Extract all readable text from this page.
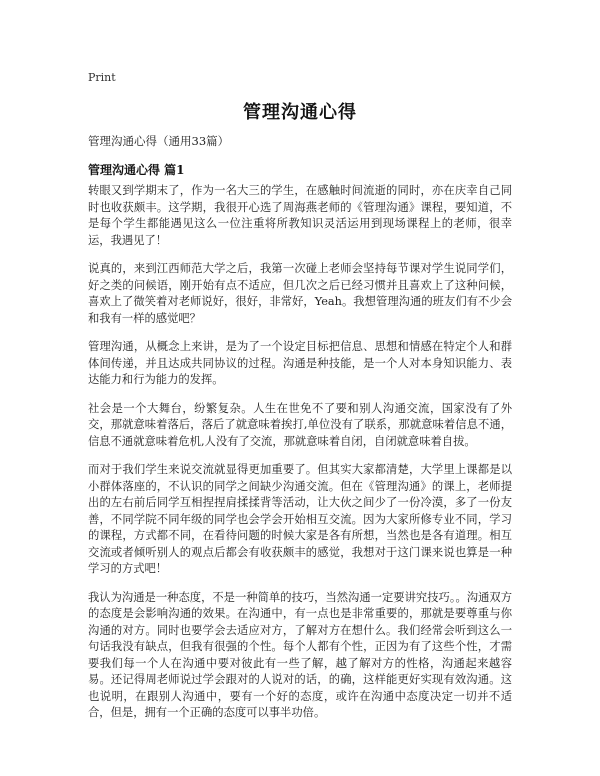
Print
管理沟通心得
管理沟通心得（通用33篇）
管理沟通心得 篇1

转眼又到学期末了，作为一名大三的学生，在感触时间流逝的同时，亦在庆幸自己同时也收获颇丰。这学期，我很开心选了周海燕老师的《管理沟通》课程，要知道，不是每个学生都能遇见这么一位注重将所教知识灵活运用到现场课程上的老师，很幸运，我遇见了！

说真的，来到江西师范大学之后，我第一次碰上老师会坚持每节课对学生说同学们，好之类的问候语，刚开始有点不适应，但几次之后已经习惯并且喜欢上了这种问候，喜欢上了微笑着对老师说好，很好，非常好，Yeah。我想管理沟通的班友们有不少会和我有一样的感觉吧？

管理沟通，从概念上来讲，是为了一个设定目标把信息、思想和情感在特定个人和群体间传递，并且达成共同协议的过程。沟通是种技能，是一个人对本身知识能力、表达能力和行为能力的发挥。

社会是一个大舞台，纷繁复杂。人生在世免不了要和别人沟通交流，国家没有了外交，那就意味着落后，落后了就意味着挨打,单位没有了联系，那就意味着信息不通，信息不通就意味着危机,人没有了交流，那就意味着自闭，自闭就意味着自拔。

而对于我们学生来说交流就显得更加重要了。但其实大家都清楚，大学里上课都是以小群体落座的，不认识的同学之间缺少沟通交流。但在《管理沟通》的课上，老师提出的左右前后同学互相捏捏肩揉揉背等活动，让大伙之间少了一份冷漠，多了一份友善，不同学院不同年级的同学也会学会开始相互交流。因为大家所修专业不同，学习的课程，方式都不同，在看待问题的时候大家是各有所想，当然也是各有道理。相互交流或者倾听别人的观点后都会有收获颇丰的感觉，我想对于这门课来说也算是一种学习的方式吧！

我认为沟通是一种态度，不是一种简单的技巧，当然沟通一定要讲究技巧。。沟通双方的态度是会影响沟通的效果。在沟通中，有一点也是非常重要的，那就是要尊重与你沟通的对方。同时也要学会去适应对方，了解对方在想什么。我们经常会听到这么一句话我没有缺点，但我有很强的个性。每个人都有个性，正因为有了这些个性，才需要我们每一个人在沟通中要对彼此有一些了解，越了解对方的性格，沟通起来越容易。还记得周老师说过学会跟对的人说对的话，的确，这样能更好实现有效沟通。这也说明，在跟别人沟通中，要有一个好的态度，或许在沟通中态度决定一切并不适合，但是，拥有一个正确的态度可以事半功倍。
